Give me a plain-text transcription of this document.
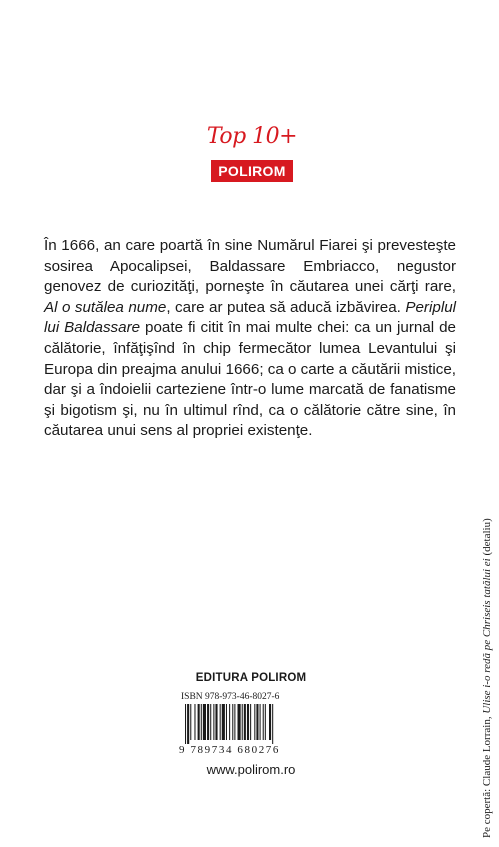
Top 10+
POLIROM
În 1666, an care poartă în sine Numărul Fiarei şi prevesteşte sosirea Apocalipsei, Baldassare Embriacco, negustor genovez de curiozităţi, porneşte în căutarea unei cărţi rare, Al o sutălea nume, care ar putea să aducă izbăvirea. Periplul lui Baldassare poate fi citit în mai multe chei: ca un jurnal de călătorie, înfăţişînd în chip fermecător lumea Levantului şi Europa din preajma anului 1666; ca o carte a căutării mistice, dar şi a îndoielii carteziene într-o lume marcată de fanatisme şi bigotism şi, nu în ultimul rînd, ca o călătorie către sine, în căutarea unui sens al propriei existenţe.
EDITURA POLIROM
ISBN 978-973-46-8027-6
9 789734 680276
www.polirom.ro	Pe copertă: Claude Lorrain, Ulise i-o redă pe Chriseis tatălui ei (detaliu)
